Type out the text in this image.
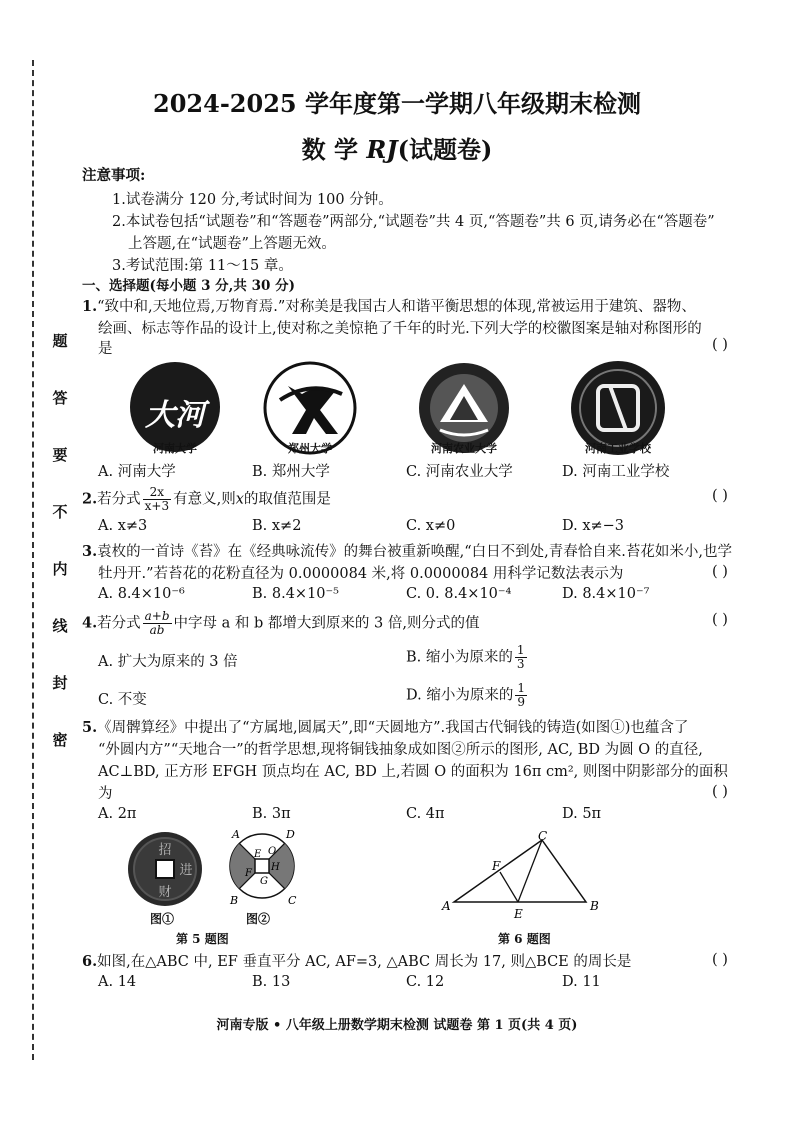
题
答
要
不
内
线
封
密
2024-2025 学年度第一学期八年级期末检测
数 学 RJ(试题卷)
注意事项:
1.试卷满分 120 分,考试时间为 100 分钟。
2.本试卷包括“试题卷”和“答题卷”两部分,“试题卷”共 4 页,“答题卷”共 6 页,请务必在“答题卷”
上答题,在“试题卷”上答题无效。
3.考试范围:第 11～15 章。
一、选择题(每小题 3 分,共 30 分)
1.“致中和,天地位焉,万物育焉.”对称美是我国古人和谐平衡思想的体现,常被运用于建筑、器物、
绘画、标志等作品的设计上,使对称之美惊艳了千年的时光.下列大学的校徽图案是轴对称图形的
是	( )
大河
河南大学	郑州大学	河南农业大学	河南工业学校
A. 河南大学	B. 郑州大学	C. 河南农业大学	D. 河南工业学校
2.若分式 $\frac{2x}{x+3}$ 有意义,则x的取值范围是	( )
A. x≠3	B. x≠2	C. x≠0	D. x≠−3
3.袁枚的一首诗《苔》在《经典咏流传》的舞台被重新唤醒,“白日不到处,青春恰自来.苔花如米小,也学
牡丹开.”若苔花的花粉直径为 0.0000084 米,将 0.0000084 用科学记数法表示为	( )
A. 8.4×10⁻⁶	B. 8.4×10⁻⁵	C. 0. 8.4×10⁻⁴	D. 8.4×10⁻⁷
4.若分式 $\frac{a+b}{ab}$ 中字母 a 和 b 都增大到原来的 3 倍,则分式的值	( )
A. 扩大为原来的 3 倍	B. 缩小为原来的 $\frac{1}{3}$
C. 不变	D. 缩小为原来的 $\frac{1}{9}$
5.《周髀算经》中提出了“方属地,圆属天”,即“天圆地方”.我国古代铜钱的铸造(如图①)也蕴含了
“外圆内方”“天地合一”的哲学思想,现将铜钱抽象成如图②所示的图形, AC, BD 为圆 O 的直径,
AC⊥BD, 正方形 EFGH 顶点均在 AC, BD 上,若圆 O 的面积为 16π cm², 则图中阴影部分的面积
为	( )
A. 2π	B. 3π	C. 4π	D. 5π
招
进
财
A	D
B	C
O
E
H
F
G
图①	图②
第 5 题图
A
C
B
E
F
第 6 题图
6.如图,在△ABC 中, EF 垂直平分 AC, AF=3, △ABC 周长为 17, 则△BCE 的周长是	( )
A. 14	B. 13	C. 12	D. 11
河南专版 • 八年级上册数学期末检测 试题卷 第 1 页(共 4 页)
